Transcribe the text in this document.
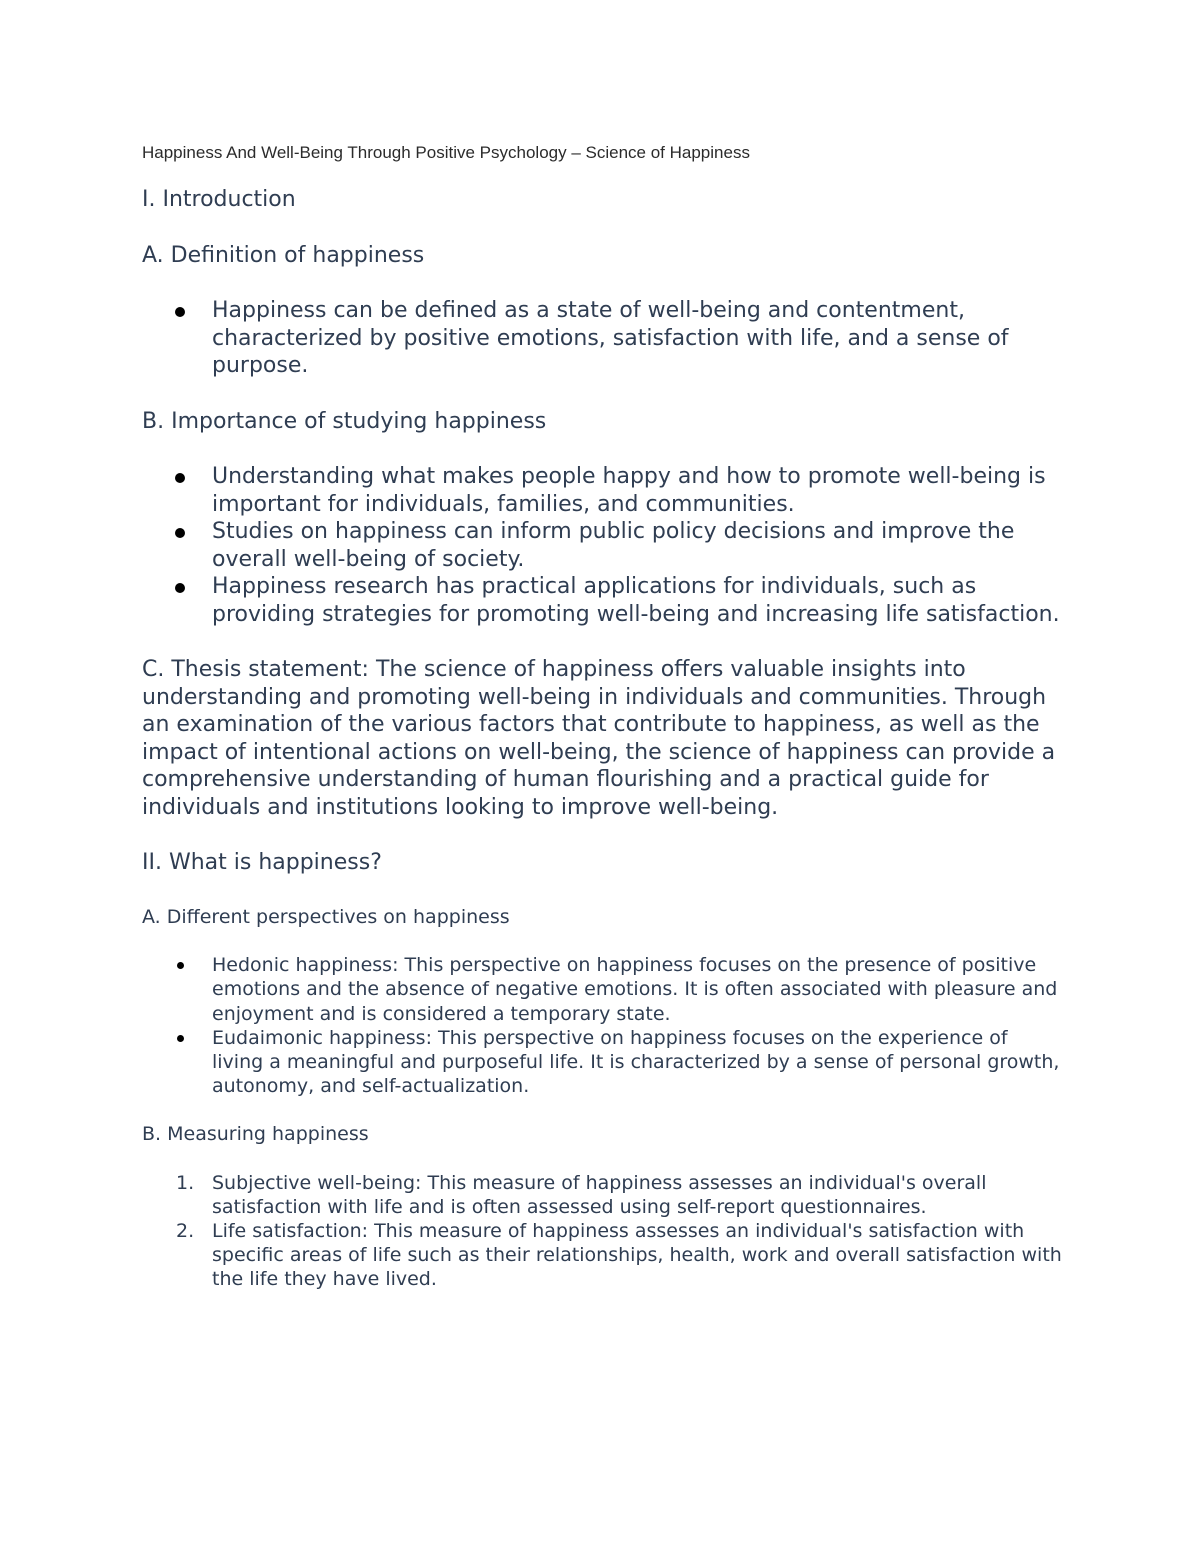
Happiness And Well-Being Through Positive Psychology – Science of Happiness
I. Introduction
A. Definition of happiness
Happiness can be defined as a state of well-being and contentment, characterized by positive emotions, satisfaction with life, and a sense of purpose.
B. Importance of studying happiness
Understanding what makes people happy and how to promote well-being is important for individuals, families, and communities.
Studies on happiness can inform public policy decisions and improve the overall well-being of society.
Happiness research has practical applications for individuals, such as providing strategies for promoting well-being and increasing life satisfaction.
C. Thesis statement: The science of happiness offers valuable insights into understanding and promoting well-being in individuals and communities. Through an examination of the various factors that contribute to happiness, as well as the impact of intentional actions on well-being, the science of happiness can provide a comprehensive understanding of human flourishing and a practical guide for individuals and institutions looking to improve well-being.
II. What is happiness?
A. Different perspectives on happiness
Hedonic happiness: This perspective on happiness focuses on the presence of positive emotions and the absence of negative emotions. It is often associated with pleasure and enjoyment and is considered a temporary state.
Eudaimonic happiness: This perspective on happiness focuses on the experience of living a meaningful and purposeful life. It is characterized by a sense of personal growth, autonomy, and self-actualization.
B. Measuring happiness
1. Subjective well-being: This measure of happiness assesses an individual's overall satisfaction with life and is often assessed using self-report questionnaires.
2. Life satisfaction: This measure of happiness assesses an individual's satisfaction with specific areas of life such as their relationships, health, work and overall satisfaction with the life they have lived.
